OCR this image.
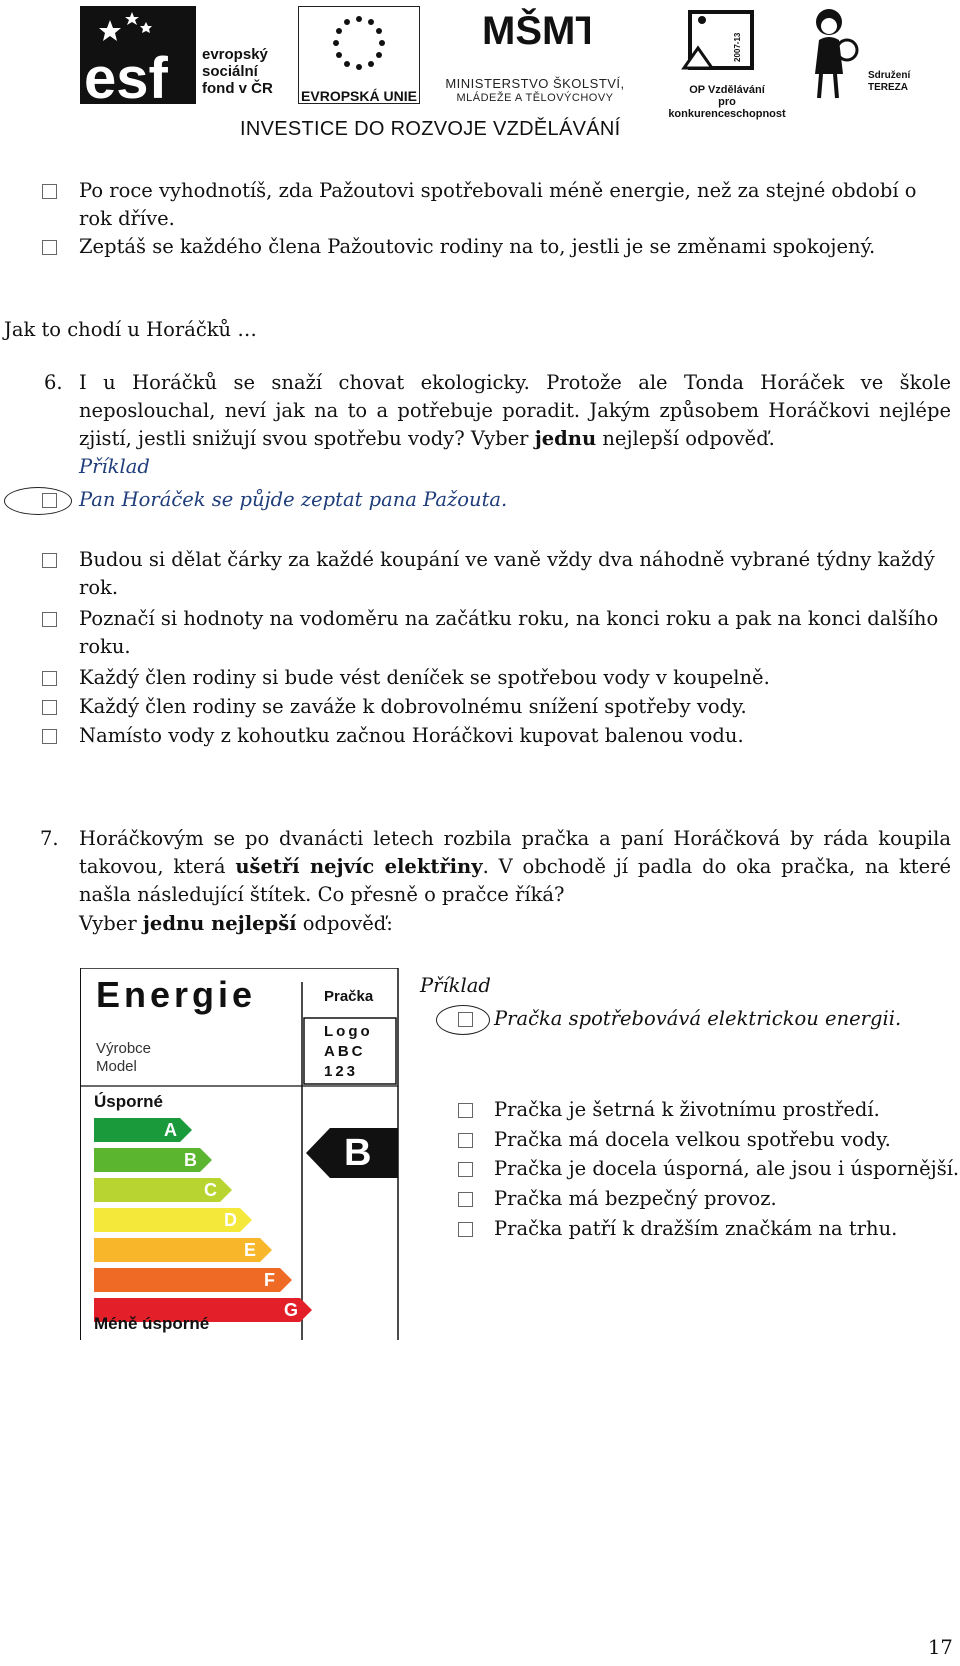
esf evropský
sociální
fond v ČR	EVROPSKÁ UNIE
MŠMT
MINISTERSTVO ŠKOLSTVÍ,
MLÁDEŽE A TĚLOVÝCHOVY
2007-13
OP Vzdělávání
pro konkurenceschopnost
Sdružení
TEREZA
INVESTICE DO ROZVOJE VZDĚLÁVÁNÍ
Po roce vyhodnotíš, zda Pažoutovi spotřebovali méně energie, než za stejné období o rok dříve.
Zeptáš se každého člena Pažoutovic rodiny na to, jestli je se změnami spokojený.
Jak to chodí u Horáčků …
6. I u Horáčků se snaží chovat ekologicky. Protože ale Tonda Horáček ve škole neposlouchal, neví jak na to a potřebuje poradit. Jakým způsobem Horáčkovi nejlépe zjistí, jestli snižují svou spotřebu vody? Vyber jednu nejlepší odpověď.
Příklad
Pan Horáček se půjde zeptat pana Pažouta.
Budou si dělat čárky za každé koupání ve vaně vždy dva náhodně vybrané týdny každý rok.
Poznačí si hodnoty na vodoměru na začátku roku, na konci roku a pak na konci dalšího roku.
Každý člen rodiny si bude vést deníček se spotřebou vody v koupelně.
Každý člen rodiny se zaváže k dobrovolnému snížení spotřeby vody.
Namísto vody z kohoutku začnou Horáčkovi kupovat balenou vodu.
7. Horáčkovým se po dvanácti letech rozbila pračka a paní Horáčková by ráda koupila takovou, která ušetří nejvíc elektřiny. V obchodě jí padla do oka pračka, na které našla následující štítek. Co přesně o pračce říká?
Vyber jednu nejlepší odpověď:
Energie	Pračka
Logo
ABC
123
Výrobce
Model
Úsporné
A
B
C
D
E
F
G
B
Méně úsporné
Příklad
Pračka spotřebovává elektrickou energii.
Pračka je šetrná k životnímu prostředí.
Pračka má docela velkou spotřebu vody.
Pračka je docela úsporná, ale jsou i úspornější.
Pračka má bezpečný provoz.
Pračka patří k dražším značkám na trhu.
17
